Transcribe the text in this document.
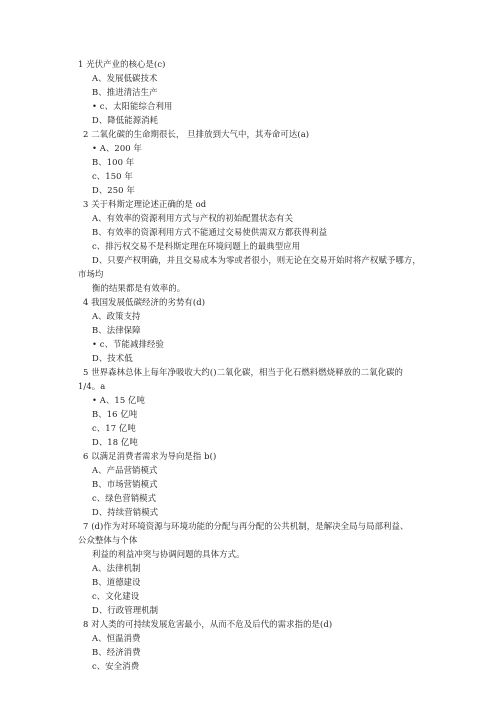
1 光伏产业的核心是(c)
A、发展低碳技术
B、推进清洁生产
• c、太阳能综合利用
D、降低能源消耗
2 二氧化碳的生命期很长， 旦排放到大气中，其寿命可达(a)
• A、200 年
B、100 年
c、150 年
D、250 年
3 关于科斯定理论述正确的是 od
A、有效率的资源利用方式与产权的初始配置状态有关
B、有效率的资源利用方式不能通过交易使供需双方都获得利益
c、排污权交易不是科斯定理在环境问题上的最典型应用
D、只要产权明确，并且交易成本为零或者很小，则无论在交易开始时将产权赋予哪方，
市场均
衡的结果都是有效率的。
4 我国发展低碳经济的劣势有(d)
A、政策支持
B、法律保障
• c、节能减排经验
D、技术低
5 世界森林总体上每年净吸收大约()二氧化碳，相当于化石燃料燃烧释放的二氧化碳的
1/4。a
• A、15 亿吨
B、16 亿吨
c、17 亿吨
D、18 亿吨
6 以满足消费者需求为导向是指 b()
A、产品营销模式
B、市场营销模式
c、绿色营销模式
D、持续营销模式
7 (d)作为对环境资源与环境功能的分配与再分配的公共机制，是解决全局与局部利益、
公众整体与个体
利益的利益冲突与协调问题的具体方式。
A、法律机制
B、道德建设
c、文化建设
D、行政管理机制
8 对人类的可持续发展危害最小，从而不危及后代的需求指的是(d)
A、恒温消费
B、经济消费
c、安全消费
